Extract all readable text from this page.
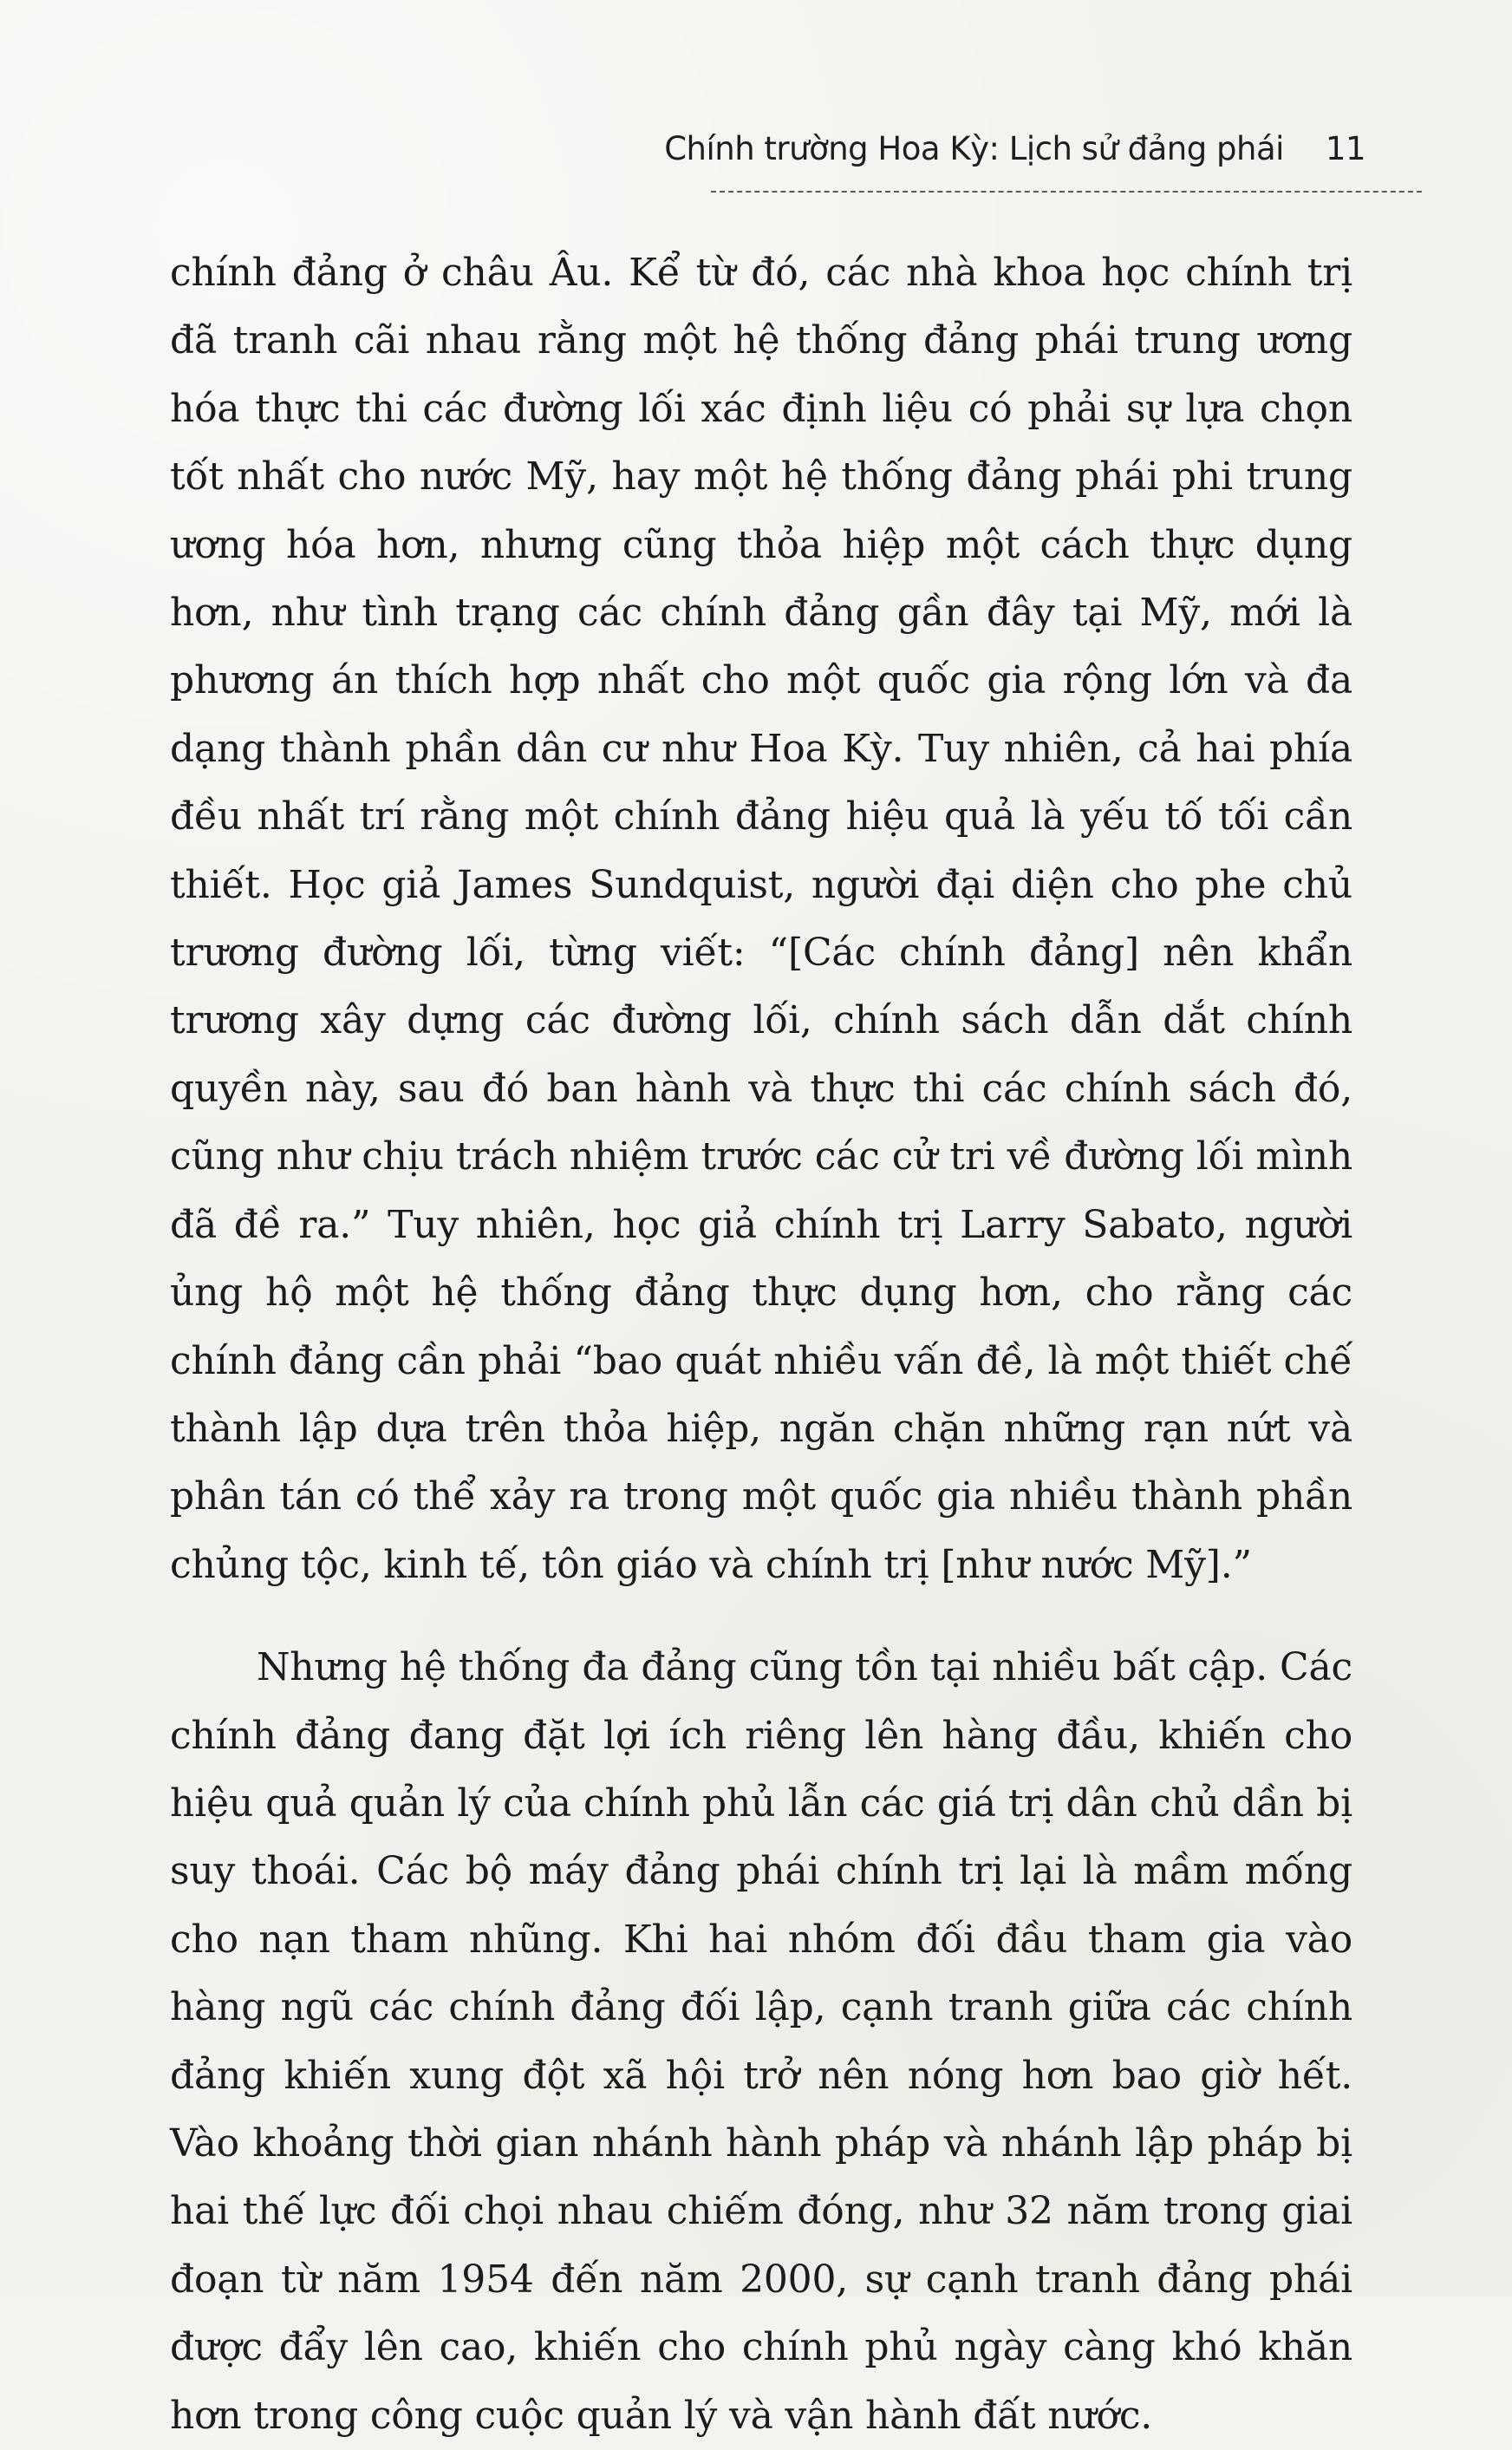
Chính trường Hoa Kỳ: Lịch sử đảng phái 11

chính đảng ở châu Âu. Kể từ đó, các nhà khoa học chính trị đã tranh cãi nhau rằng một hệ thống đảng phái trung ương hóa thực thi các đường lối xác định liệu có phải sự lựa chọn tốt nhất cho nước Mỹ, hay một hệ thống đảng phái phi trung ương hóa hơn, nhưng cũng thỏa hiệp một cách thực dụng hơn, như tình trạng các chính đảng gần đây tại Mỹ, mới là phương án thích hợp nhất cho một quốc gia rộng lớn và đa dạng thành phần dân cư như Hoa Kỳ. Tuy nhiên, cả hai phía đều nhất trí rằng một chính đảng hiệu quả là yếu tố tối cần thiết. Học giả James Sundquist, người đại diện cho phe chủ trương đường lối, từng viết: “[Các chính đảng] nên khẩn trương xây dựng các đường lối, chính sách dẫn dắt chính quyền này, sau đó ban hành và thực thi các chính sách đó, cũng như chịu trách nhiệm trước các cử tri về đường lối mình đã đề ra.” Tuy nhiên, học giả chính trị Larry Sabato, người ủng hộ một hệ thống đảng thực dụng hơn, cho rằng các chính đảng cần phải “bao quát nhiều vấn đề, là một thiết chế thành lập dựa trên thỏa hiệp, ngăn chặn những rạn nứt và phân tán có thể xảy ra trong một quốc gia nhiều thành phần chủng tộc, kinh tế, tôn giáo và chính trị [như nước Mỹ].”

Nhưng hệ thống đa đảng cũng tồn tại nhiều bất cập. Các chính đảng đang đặt lợi ích riêng lên hàng đầu, khiến cho hiệu quả quản lý của chính phủ lẫn các giá trị dân chủ dần bị suy thoái. Các bộ máy đảng phái chính trị lại là mầm mống cho nạn tham nhũng. Khi hai nhóm đối đầu tham gia vào hàng ngũ các chính đảng đối lập, cạnh tranh giữa các chính đảng khiến xung đột xã hội trở nên nóng hơn bao giờ hết. Vào khoảng thời gian nhánh hành pháp và nhánh lập pháp bị hai thế lực đối chọi nhau chiếm đóng, như 32 năm trong giai đoạn từ năm 1954 đến năm 2000, sự cạnh tranh đảng phái được đẩy lên cao, khiến cho chính phủ ngày càng khó khăn hơn trong công cuộc quản lý và vận hành đất nước.
